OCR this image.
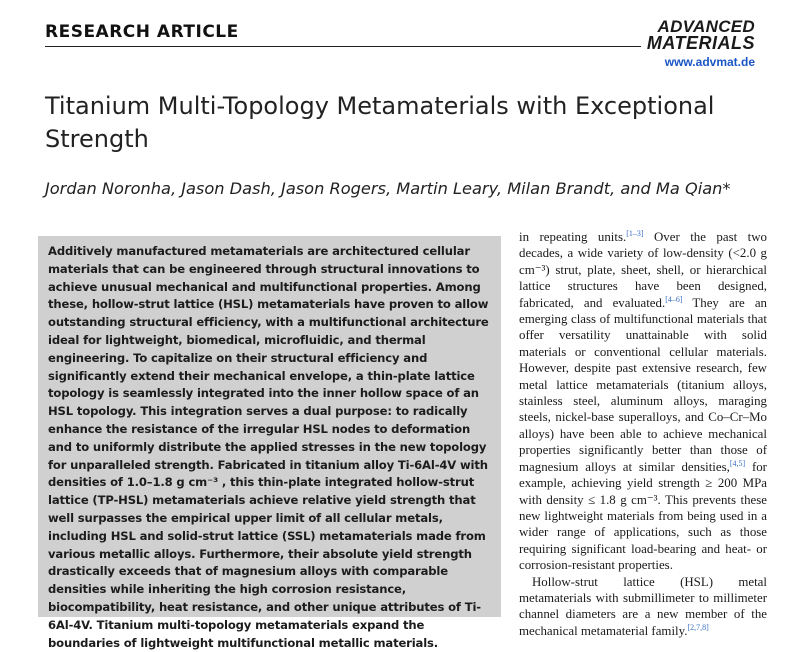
RESEARCH ARTICLE	ADVANCED
MATERIALS
www.advmat.de
Titanium Multi-Topology Metamaterials with Exceptional Strength
Jordan Noronha, Jason Dash, Jason Rogers, Martin Leary, Milan Brandt, and Ma Qian*

Additively manufactured metamaterials are architectured cellular materials that can be engineered through structural innovations to achieve unusual mechanical and multifunctional properties. Among these, hollow-strut lattice (HSL) metamaterials have proven to allow outstanding structural efficiency, with a multifunctional architecture ideal for lightweight, biomedical, microfluidic, and thermal engineering. To capitalize on their structural efficiency and significantly extend their mechanical envelope, a thin-plate lattice topology is seamlessly integrated into the inner hollow space of an HSL topology. This integration serves a dual purpose: to radically enhance the resistance of the irregular HSL nodes to deformation and to uniformly distribute the applied stresses in the new topology for unparalleled strength. Fabricated in titanium alloy Ti-6Al-4V with densities of 1.0–1.8 g cm⁻³ , this thin-plate integrated hollow-strut lattice (TP-HSL) metamaterials achieve relative yield strength that well surpasses the empirical upper limit of all cellular metals, including HSL and solid-strut lattice (SSL) metamaterials made from various metallic alloys. Furthermore, their absolute yield strength drastically exceeds that of magnesium alloys with comparable densities while inheriting the high corrosion resistance, biocompatibility, heat resistance, and other unique attributes of Ti-6Al-4V. Titanium multi-topology metamaterials expand the boundaries of lightweight multifunctional metallic materials.

in repeating units.[1–3] Over the past two decades, a wide variety of low-density (<2.0 g cm⁻³) strut, plate, sheet, shell, or hierarchical lattice structures have been designed, fabricated, and evaluated.[4–6] They are an emerging class of multifunctional materials that offer versatility unattainable with solid materials or conventional cellular materials. However, despite past extensive research, few metal lattice metamaterials (titanium alloys, stainless steel, aluminum alloys, maraging steels, nickel-base superalloys, and Co–Cr–Mo alloys) have been able to achieve mechanical properties significantly better than those of magnesium alloys at similar densities,[4,5] for example, achieving yield strength ≥ 200 MPa with density ≤ 1.8 g cm⁻³. This prevents these new lightweight materials from being used in a wider range of applications, such as those requiring significant load-bearing and heat- or corrosion-resistant properties.

Hollow-strut lattice (HSL) metal metamaterials with submillimeter to millimeter channel diameters are a new member of the mechanical metamaterial family.[2,7,8]
